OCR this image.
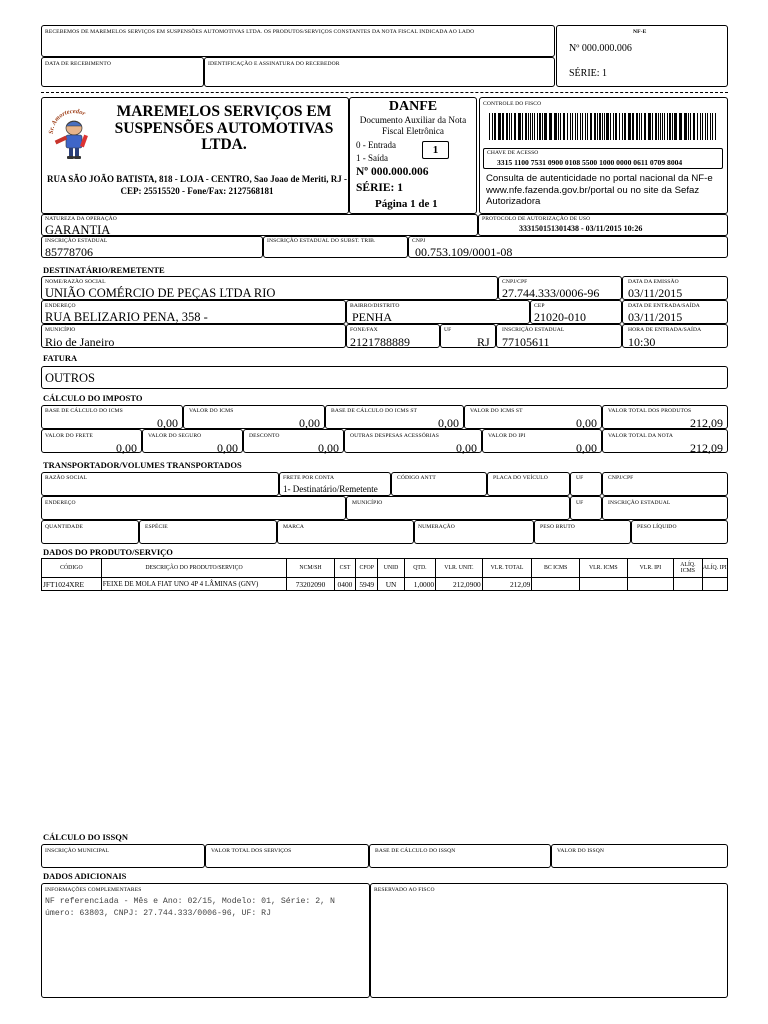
RECEBEMOS DE MAREMELOS SERVIÇOS EM SUSPENSÕES AUTOMOTIVAS LTDA. OS PRODUTOS/SERVIÇOS CONSTANTES DA NOTA FISCAL INDICADA AO LADO
DATA DE RECEBIMENTO	IDENTIFICAÇÃO E ASSINATURA DO RECEBEDOR
NF-E
Nº 000.000.006
SÉRIE: 1
Sr. Amortecedor	MAREMELOS SERVIÇOS EM SUSPENSÕES AUTOMOTIVAS LTDA.
RUA SÃO JOÃO BATISTA, 818 - LOJA - CENTRO, Sao Joao de Meriti, RJ - CEP: 25515520 - Fone/Fax: 2127568181
DANFE
Documento Auxiliar da Nota Fiscal Eletrônica
0 - Entrada
1 - Saída
1
Nº 000.000.006
SÉRIE: 1
Página 1 de 1
CONTROLE DO FISCO
CHAVE DE ACESSO
3315 1100 7531 0900 0108 5500 1000 0000 0611 0709 8004
Consulta de autenticidade no portal nacional da NF-e www.nfe.fazenda.gov.br/portal ou no site da Sefaz Autorizadora
NATUREZA DA OPERAÇÃO
GARANTIA
PROTOCOLO DE AUTORIZAÇÃO DE USO
333150151301438 - 03/11/2015 10:26
INSCRIÇÃO ESTADUAL
85778706
INSCRIÇÃO ESTADUAL DO SUBST. TRIB.	CNPJ
00.753.109/0001-08
DESTINATÁRIO/REMETENTE
NOME/RAZÃO SOCIAL
UNIÃO COMÉRCIO DE PEÇAS LTDA RIO
CNPJ/CPF
27.744.333/0006-96
DATA DA EMISSÃO
03/11/2015
ENDEREÇO
RUA BELIZARIO PENA, 358 -
BAIRRO/DISTRITO
PENHA
CEP
21020-010
DATA DE ENTRADA/SAÍDA
03/11/2015
MUNICÍPIO
Rio de Janeiro
FONE/FAX
2121788889
UF
RJ
INSCRIÇÃO ESTADUAL
77105611
HORA DE ENTRADA/SAÍDA
10:30
FATURA
OUTROS
CÁLCULO DO IMPOSTO
BASE DE CÁLCULO DO ICMS
0,00
VALOR DO ICMS
0,00
BASE DE CÁLCULO DO ICMS ST
0,00
VALOR DO ICMS ST
0,00
VALOR TOTAL DOS PRODUTOS
212,09
VALOR DO FRETE
0,00
VALOR DO SEGURO
0,00
DESCONTO
0,00
OUTRAS DESPESAS ACESSÓRIAS
0,00
VALOR DO IPI
0,00
VALOR TOTAL DA NOTA
212,09
TRANSPORTADOR/VOLUMES TRANSPORTADOS
RAZÃO SOCIAL	FRETE POR CONTA
1- Destinatário/Remetente
CÓDIGO ANTT	PLACA DO VEÍCULO	UF	CNPJ/CPF
ENDEREÇO	MUNICÍPIO	UF	INSCRIÇÃO ESTADUAL
QUANTIDADE	ESPÉCIE	MARCA	NUMERAÇÃO	PESO BRUTO	PESO LÍQUIDO
DADOS DO PRODUTO/SERVIÇO
CÓDIGO	DESCRIÇÃO DO PRODUTO/SERVIÇO	NCM/SH	CST	CFOP	UNID	QTD.	VLR. UNIT.	VLR. TOTAL	BC ICMS	VLR. ICMS	VLR. IPI	ALÍQ. ICMS	ALÍQ. IPI
JFT1024XRE	FEIXE DE MOLA FIAT UNO 4P 4 LÂMINAS (GNV)	73202090	0400	5949	UN	1,0000	212,0900	212,09					
CÁLCULO DO ISSQN
INSCRIÇÃO MUNICIPAL	VALOR TOTAL DOS SERVIÇOS	BASE DE CÁLCULO DO ISSQN	VALOR DO ISSQN
DADOS ADICIONAIS
INFORMAÇÕES COMPLEMENTARES
NF referenciada - Mês e Ano: 02/15, Modelo: 01, Série: 2, N
úmero: 63803, CNPJ: 27.744.333/0006-96, UF: RJ
RESERVADO AO FISCO
